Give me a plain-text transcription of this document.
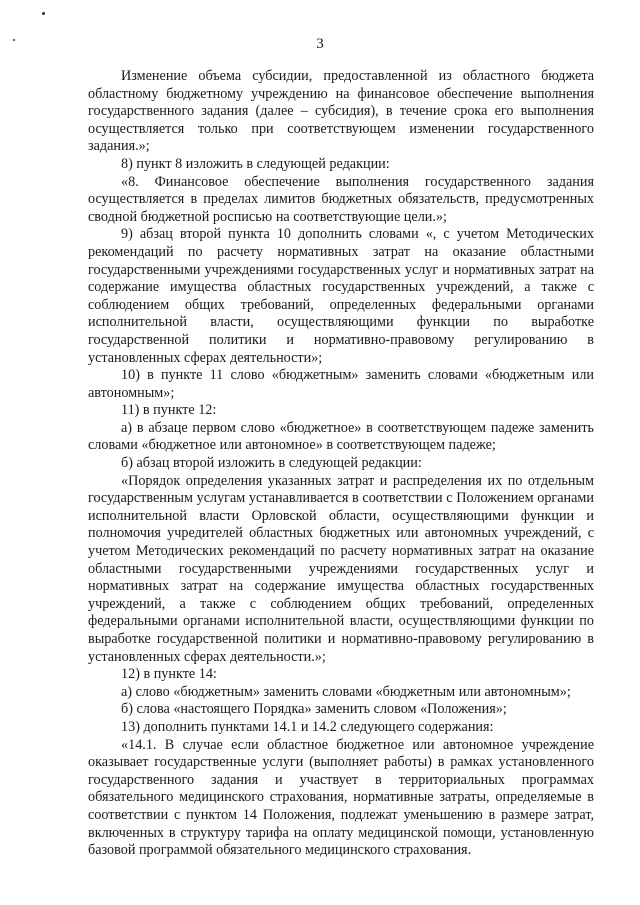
3

Изменение объема субсидии, предоставленной из областного бюджета областному бюджетному учреждению на финансовое обеспечение выполнения государственного задания (далее – субсидия), в течение срока его выполнения осуществляется только при соответствующем изменении государственного задания.»;

8) пункт 8 изложить в следующей редакции:

«8. Финансовое обеспечение выполнения государственного задания осуществляется в пределах лимитов бюджетных обязательств, предусмотренных сводной бюджетной росписью на соответствующие цели.»;

9) абзац второй пункта 10 дополнить словами «, с учетом Методических рекомендаций по расчету нормативных затрат на оказание областными государственными учреждениями государственных услуг и нормативных затрат на содержание имущества областных государственных учреждений, а также с соблюдением общих требований, определенных федеральными органами исполнительной власти, осуществляющими функции по выработке государственной политики и нормативно-правовому регулированию в установленных сферах деятельности»;

10) в пункте 11 слово «бюджетным» заменить словами «бюджетным или автономным»;

11) в пункте 12:

а) в абзаце первом слово «бюджетное» в соответствующем падеже заменить словами «бюджетное или автономное» в соответствующем падеже;

б) абзац второй изложить в следующей редакции:

«Порядок определения указанных затрат и распределения их по отдельным государственным услугам устанавливается в соответствии с Положением органами исполнительной власти Орловской области, осуществляющими функции и полномочия учредителей областных бюджетных или автономных учреждений, с учетом Методических рекомендаций по расчету нормативных затрат на оказание областными государственными учреждениями государственных услуг и нормативных затрат на содержание имущества областных государственных учреждений, а также с соблюдением общих требований, определенных федеральными органами исполнительной власти, осуществляющими функции по выработке государственной политики и нормативно-правовому регулированию в установленных сферах деятельности.»;

12) в пункте 14:

а) слово «бюджетным» заменить словами «бюджетным или автономным»;

б) слова «настоящего Порядка» заменить словом «Положения»;

13) дополнить пунктами 14.1 и 14.2 следующего содержания:

«14.1. В случае если областное бюджетное или автономное учреждение оказывает государственные услуги (выполняет работы) в рамках установленного государственного задания и участвует в территориальных программах обязательного медицинского страхования, нормативные затраты, определяемые в соответствии с пунктом 14 Положения, подлежат уменьшению в размере затрат, включенных в структуру тарифа на оплату медицинской помощи, установленную базовой программой обязательного медицинского страхования.
